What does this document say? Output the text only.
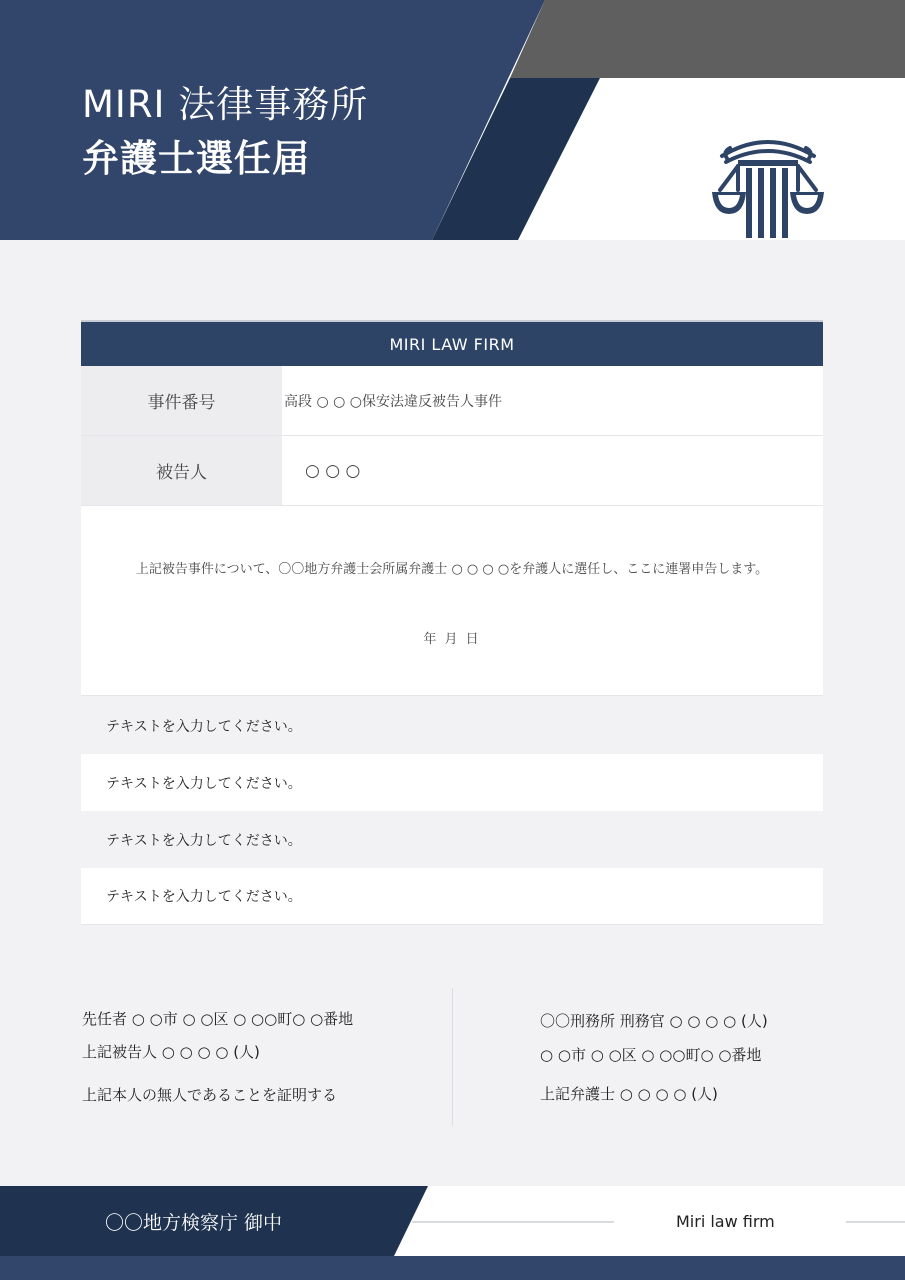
MIRI 法律事務所
弁護士選任届
MIRI LAW FIRM
事件番号	高段 ○ ○ ○保安法違反被告人事件
被告人	○ ○ ○
上記被告事件について、〇〇地方弁護士会所属弁護士 ○ ○ ○ ○を弁護人に選任し、ここに連署申告します。
年 月 日
テキストを入力してください。
テキストを入力してください。
テキストを入力してください。
テキストを入力してください。
先任者 ○ ○市 ○ ○区 ○ ○○町○ ○番地
上記被告人 ○ ○ ○ ○ (人)
上記本人の無人であることを証明する
〇〇刑務所 刑務官 ○ ○ ○ ○ (人)
○ ○市 ○ ○区 ○ ○○町○ ○番地
上記弁護士 ○ ○ ○ ○ (人)
〇〇地方検察庁 御中	Miri law firm
